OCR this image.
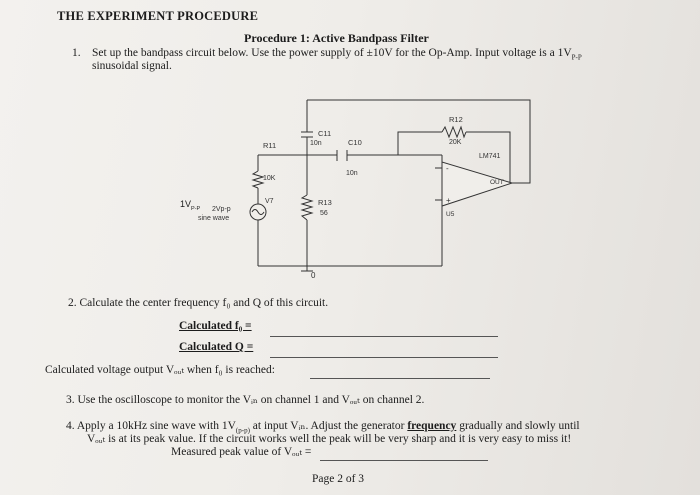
THE EXPERIMENT PROCEDURE
Procedure 1: Active Bandpass Filter
1. Set up the bandpass circuit below. Use the power supply of ±10V for the Op-Amp. Input voltage is a $1V_{P-P}$
sinusoidal signal.
R12
20K
C11
10n	C10
10n
R11
10K
R13
56
LM741
OUT
U5
-
+
V7
2Vp-p
sine wave
0
$1V_{P-P}$
2. Calculate the center frequency f₀ and Q of this circuit.
Calculated f₀ =
Calculated Q =
Calculated voltage output Vₒᵤₜ when f₀ is reached:
3. Use the oscilloscope to monitor the Vᵢₙ on channel 1 and Vₒᵤₜ on channel 2.
4. Apply a 10kHz sine wave with $1V_{(p-p)}$ at input Vᵢₙ. Adjust the generator frequency gradually and slowly until
Vₒᵤₜ is at its peak value. If the circuit works well the peak will be very sharp and it is very easy to miss it!
Measured peak value of Vₒᵤₜ =
Page 2 of 3
